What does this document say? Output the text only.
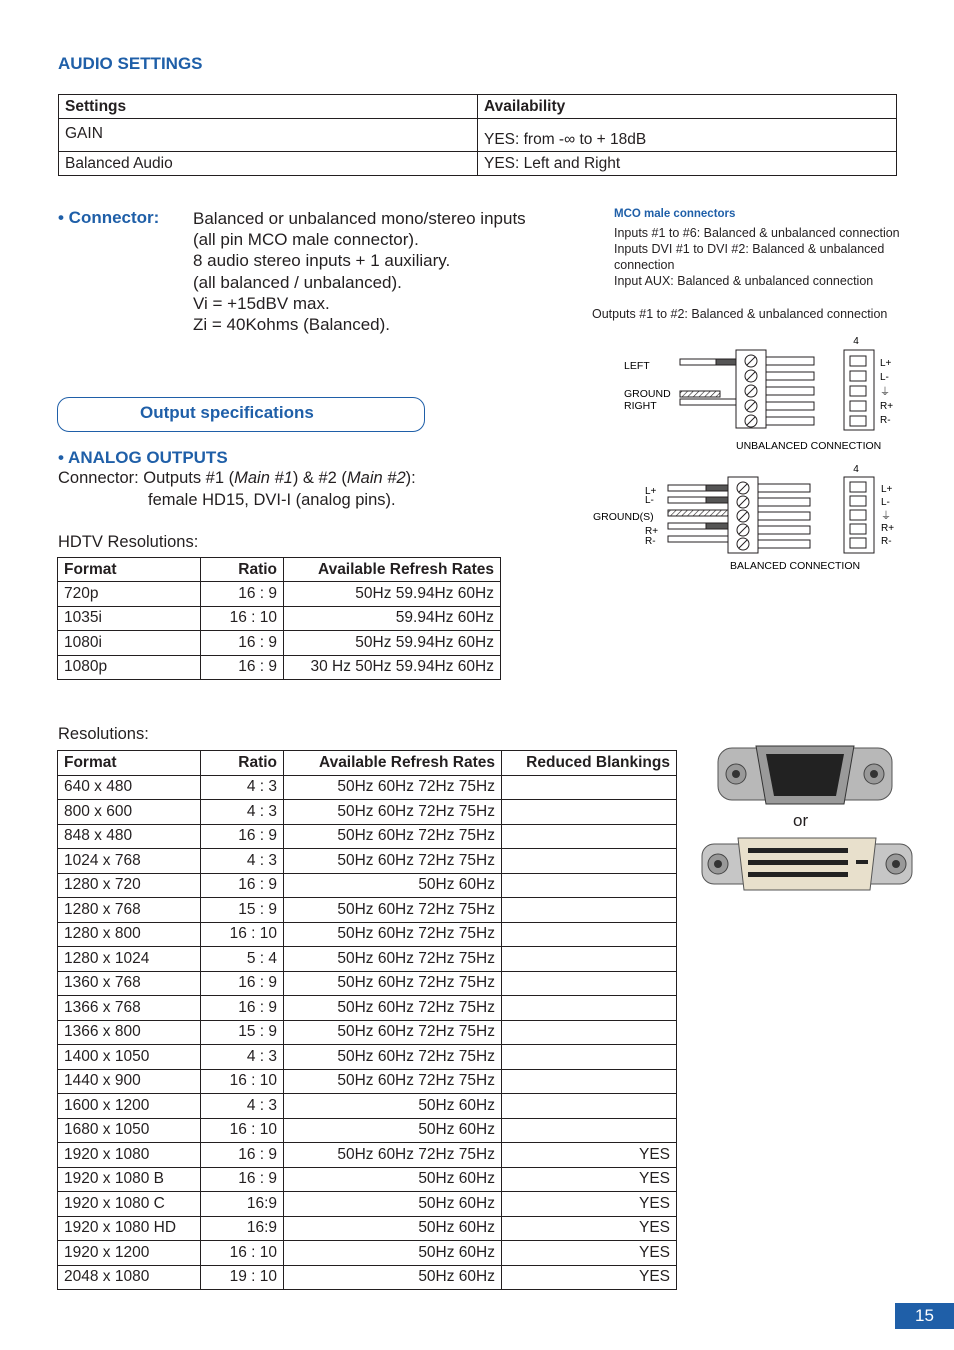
AUDIO SETTINGS
Settings	Availability
GAIN	YES: from -∞ to + 18dB
Balanced Audio	YES: Left and Right
• Connector: Balanced or unbalanced mono/stereo inputs
(all pin MCO male connector).
8 audio stereo inputs + 1 auxiliary.
(all balanced / unbalanced).
Vi = +15dBV max.
Zi = 40Kohms (Balanced).
MCO male connectors
Inputs #1 to #6: Balanced & unbalanced connection
Inputs DVI #1 to DVI #2: Balanced & unbalanced
connection
Input AUX: Balanced & unbalanced connection
Outputs #1 to #2: Balanced & unbalanced connection
4
LEFT
GROUND
RIGHT
L+
L-
⏚
R+
R-
UNBALANCED CONNECTION
4
L+
L-
GROUND(S)
R+
R-
L+
L-
⏚
R+
R-
BALANCED CONNECTION
Output specifications
• ANALOG OUTPUTS
Connector: Outputs #1 (Main #1) & #2 (Main #2):
female HD15, DVI-I (analog pins).
HDTV Resolutions:
Format	Ratio	Available Refresh Rates
720p	16 : 9	50Hz 59.94Hz 60Hz
1035i	16 : 10	59.94Hz 60Hz
1080i	16 : 9	50Hz 59.94Hz 60Hz
1080p	16 : 9	30 Hz 50Hz 59.94Hz 60Hz
Resolutions:
Format	Ratio	Available Refresh Rates	Reduced Blankings
640 x 480	4 : 3	50Hz 60Hz 72Hz 75Hz	
800 x 600	4 : 3	50Hz 60Hz 72Hz 75Hz	
848 x 480	16 : 9	50Hz 60Hz 72Hz 75Hz	
1024 x 768	4 : 3	50Hz 60Hz 72Hz 75Hz	
1280 x 720	16 : 9	50Hz 60Hz	
1280 x 768	15 : 9	50Hz 60Hz 72Hz 75Hz	
1280 x 800	16 : 10	50Hz 60Hz 72Hz 75Hz	
1280 x 1024	5 : 4	50Hz 60Hz 72Hz 75Hz	
1360 x 768	16 : 9	50Hz 60Hz 72Hz 75Hz	
1366 x 768	16 : 9	50Hz 60Hz 72Hz 75Hz	
1366 x 800	15 : 9	50Hz 60Hz 72Hz 75Hz	
1400 x 1050	4 : 3	50Hz 60Hz 72Hz 75Hz	
1440 x 900	16 : 10	50Hz 60Hz 72Hz 75Hz	
1600 x 1200	4 : 3	50Hz 60Hz	
1680 x 1050	16 : 10	50Hz 60Hz	
1920 x 1080	16 : 9	50Hz 60Hz 72Hz 75Hz	YES
1920 x 1080 B	16 : 9	50Hz 60Hz	YES
1920 x 1080 C	16:9	50Hz 60Hz	YES
1920 x 1080 HD	16:9	50Hz 60Hz	YES
1920 x 1200	16 : 10	50Hz 60Hz	YES
2048 x 1080	19 : 10	50Hz 60Hz	YES
or
15
